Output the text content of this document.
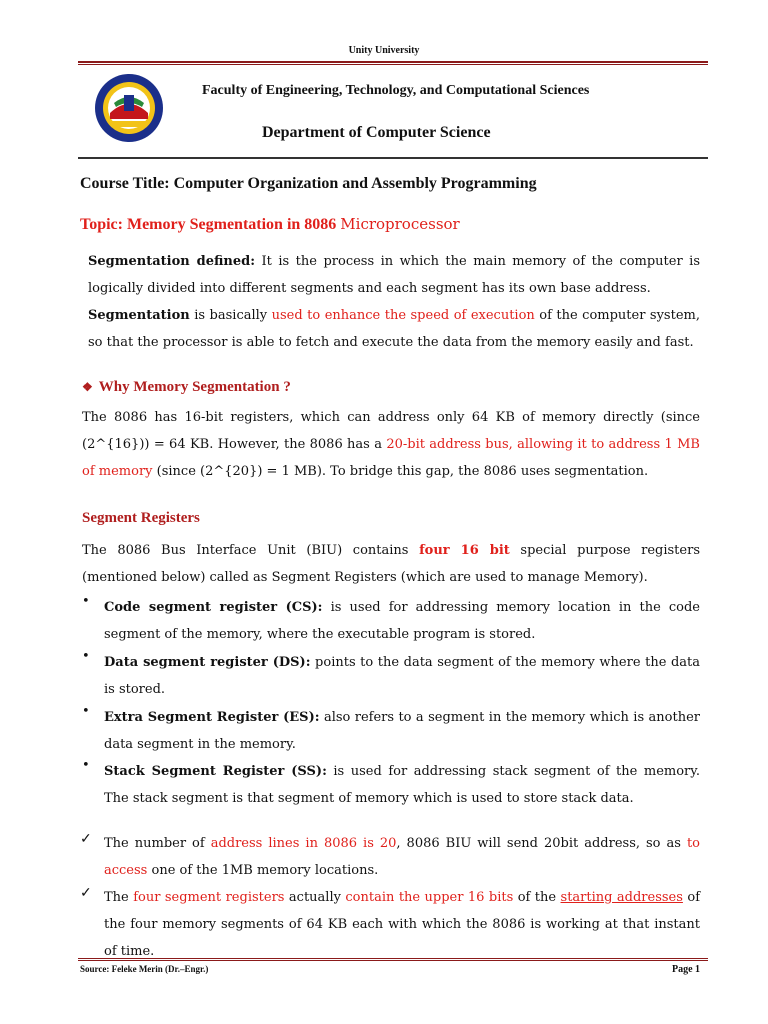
Unity University
Faculty of Engineering, Technology, and Computational Sciences
Department of Computer Science
Course Title: Computer Organization and Assembly Programming
Topic: Memory Segmentation in 8086 Microprocessor
Segmentation defined: It is the process in which the main memory of the computer is logically divided into different segments and each segment has its own base address.
Segmentation is basically used to enhance the speed of execution of the computer system, so that the processor is able to fetch and execute the data from the memory easily and fast.
❖ Why Memory Segmentation ?
The 8086 has 16-bit registers, which can address only 64 KB of memory directly (since (2^{16})) = 64 KB. However, the 8086 has a 20-bit address bus, allowing it to address 1 MB of memory (since (2^{20}) = 1 MB). To bridge this gap, the 8086 uses segmentation.
Segment Registers
The 8086 Bus Interface Unit (BIU) contains four 16 bit special purpose registers (mentioned below) called as Segment Registers (which are used to manage Memory).
• Code segment register (CS): is used for addressing memory location in the code segment of the memory, where the executable program is stored.
• Data segment register (DS): points to the data segment of the memory where the data is stored.
• Extra Segment Register (ES): also refers to a segment in the memory which is another data segment in the memory.
• Stack Segment Register (SS): is used for addressing stack segment of the memory. The stack segment is that segment of memory which is used to store stack data.
✓ The number of address lines in 8086 is 20, 8086 BIU will send 20bit address, so as to access one of the 1MB memory locations.
✓ The four segment registers actually contain the upper 16 bits of the starting addresses of the four memory segments of 64 KB each with which the 8086 is working at that instant of time.
Source: Feleke Merin (Dr.–Engr.)	Page 1
